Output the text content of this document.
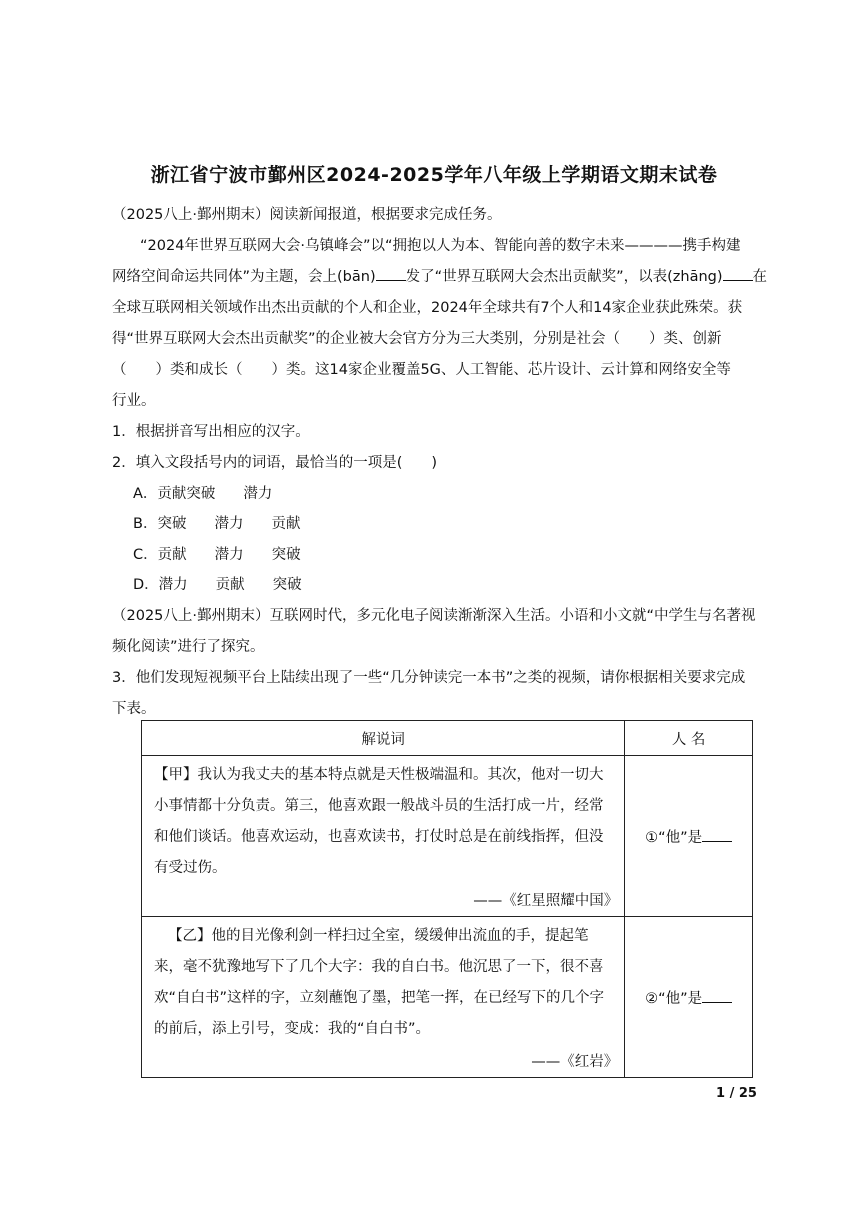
浙江省宁波市鄞州区2024-2025学年八年级上学期语文期末试卷
（2025八上·鄞州期末）阅读新闻报道，根据要求完成任务。
“2024年世界互联网大会·乌镇峰会”以“拥抱以人为本、智能向善的数字未来————携手构建
网络空间命运共同体”为主题，会上(bān) 发了“世界互联网大会杰出贡献奖”，以表(zhāng) 在
全球互联网相关领域作出杰出贡献的个人和企业，2024年全球共有7个人和14家企业获此殊荣。获
得“世界互联网大会杰出贡献奖”的企业被大会官方分为三大类别，分别是社会（　　）类、创新
（　　）类和成长（　　）类。这14家企业覆盖5G、人工智能、芯片设计、云计算和网络安全等
行业。
1．根据拼音写出相应的汉字。
2．填入文段括号内的词语，最恰当的一项是(　　)
A．贡献突破 潜力
B．突破 潜力 贡献
C．贡献 潜力 突破
D．潜力 贡献 突破
（2025八上·鄞州期末）互联网时代，多元化电子阅读渐渐深入生活。小语和小文就“中学生与名著视
频化阅读”进行了探究。
3．他们发现短视频平台上陆续出现了一些“几分钟读完一本书”之类的视频，请你根据相关要求完成
下表。
解说词	人 名

【甲】我认为我丈夫的基本特点就是天性极端温和。其次，他对一切大小事情都十分负责。第三，他喜欢跟一般战斗员的生活打成一片，经常和他们谈话。他喜欢运动，也喜欢读书，打仗时总是在前线指挥，但没有受过伤。
——《红星照耀中国》	①“他”是

【乙】他的目光像利剑一样扫过全室，缓缓伸出流血的手，提起笔来，毫不犹豫地写下了几个大字：我的自白书。他沉思了一下，很不喜欢“自白书”这样的字，立刻蘸饱了墨，把笔一挥，在已经写下的几个字的前后，添上引号，变成：我的“自白书”。
——《红岩》	②“他”是
1 / 25
